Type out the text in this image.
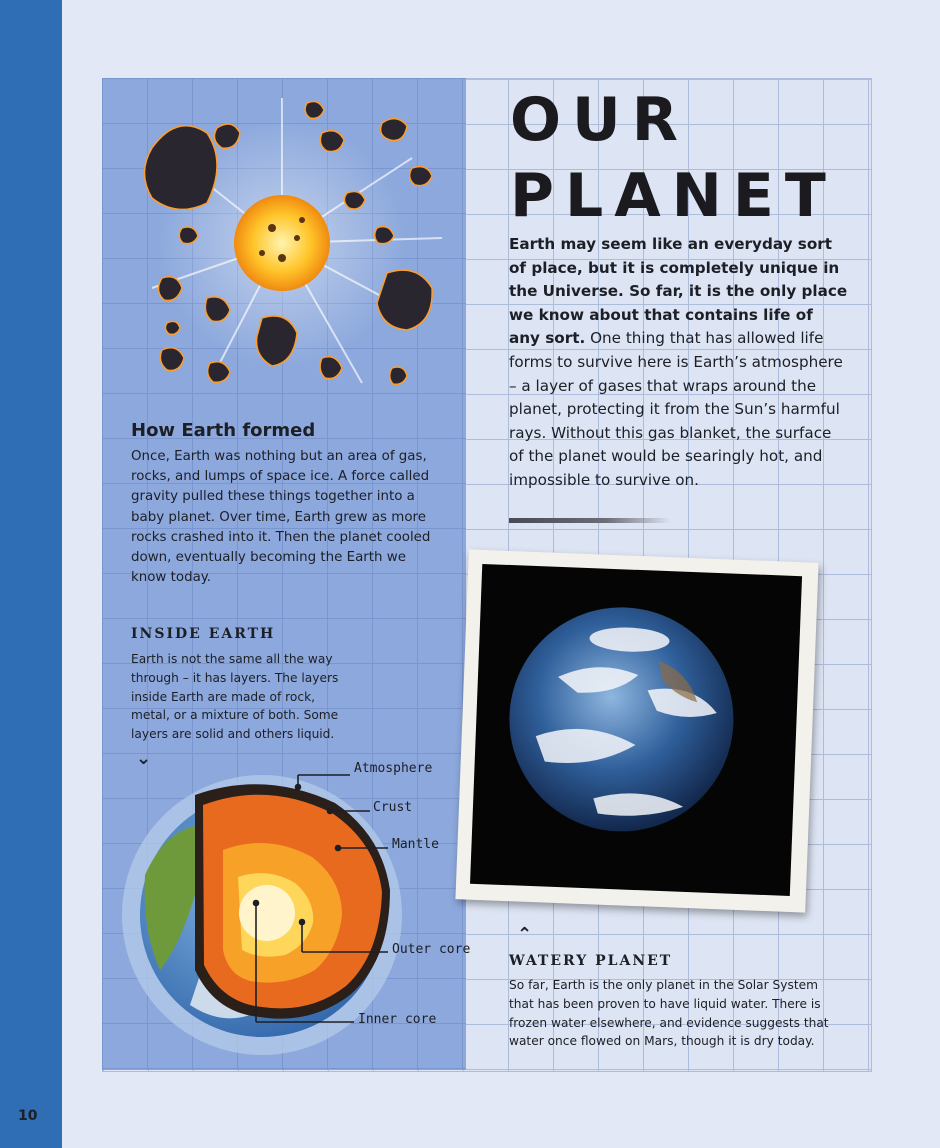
How Earth formed

Once, Earth was nothing but an area of gas, rocks, and lumps of space ice. A force called gravity pulled these things together into a baby planet. Over time, Earth grew as more rocks crashed into it. Then the planet cooled down, eventually becoming the Earth we know today.

INSIDE EARTH

Earth is not the same all the way through – it has layers. The layers inside Earth are made of rock, metal, or a mixture of both. Some layers are solid and others liquid.

⌄	Atmosphere
Crust
Mantle
Outer core
Inner core
OUR
PLANET

Earth may seem like an everyday sort of place, but it is completely unique in the Universe. So far, it is the only place we know about that contains life of any sort. One thing that has allowed life forms to survive here is Earth’s atmosphere – a layer of gases that wraps around the planet, protecting it from the Sun’s harmful rays. Without this gas blanket, the surface of the planet would be searingly hot, and impossible to survive on.

⌃
WATERY PLANET

So far, Earth is the only planet in the Solar System that has been proven to have liquid water. There is frozen water elsewhere, and evidence suggests that water once flowed on Mars, though it is dry today.

10
